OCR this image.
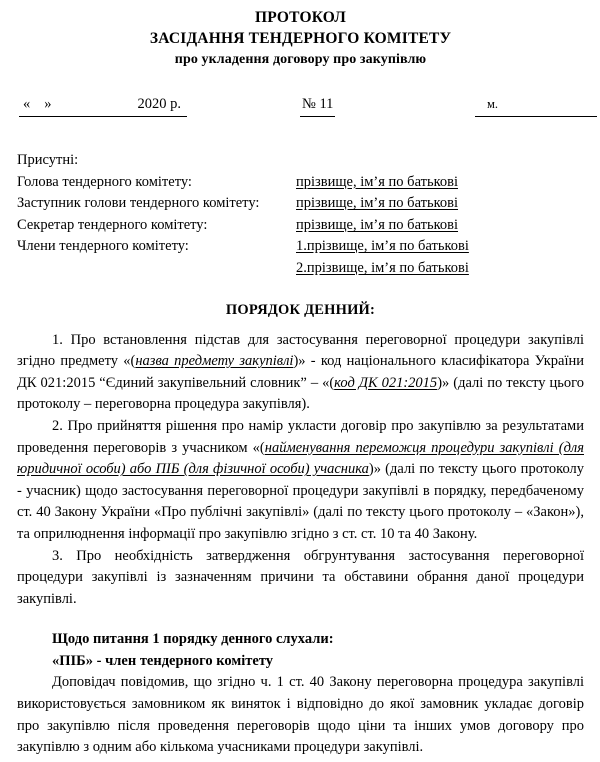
ПРОТОКОЛ
ЗАСІДАННЯ ТЕНДЕРНОГО КОМІТЕТУ
про укладення договору про закупівлю
« »	2020 р.	№ 11	м.
Присутні:
Голова тендерного комітету:	прізвище, ім’я по батькові
Заступник голови тендерного комітету:	прізвище, ім’я по батькові
Секретар тендерного комітету:	прізвище, ім’я по батькові
Члени тендерного комітету:	1.прізвище, ім’я по батькові
2.прізвище, ім’я по батькові
ПОРЯДОК ДЕННИЙ:

1. Про встановлення підстав для застосування переговорної процедури закупівлі згідно предмету «(назва предмету закупівлі)» - код національного класифікатора України ДК 021:2015 “Єдиний закупівельний словник” – «(код ДК 021:2015)» (далі по тексту цього протоколу – переговорна процедура закупівля).

2. Про прийняття рішення про намір укласти договір про закупівлю за результатами проведення переговорів з учасником «(найменування переможця процедури закупівлі (для юридичної особи) або ПІБ (для фізичної особи) учасника)» (далі по тексту цього протоколу - учасник) щодо застосування переговорної процедури закупівлі в порядку, передбаченому ст. 40 Закону України «Про публічні закупівлі» (далі по тексту цього протоколу – «Закон»), та оприлюднення інформації про закупівлю згідно з ст. ст. 10 та 40 Закону.

3. Про необхідність затвердження обгрунтування застосування переговорної процедури закупівлі із зазначенням причини та обставини обрання даної процедури закупівлі.

Щодо питання 1 порядку денного слухали:

«ПІБ» - член тендерного комітету

Доповідач повідомив, що згідно ч. 1 ст. 40 Закону переговорна процедура закупівлі використовується замовником як виняток і відповідно до якої замовник укладає договір про закупівлю після проведення переговорів щодо ціни та інших умов договору про закупівлю з одним або кількома учасниками процедури закупівлі.
